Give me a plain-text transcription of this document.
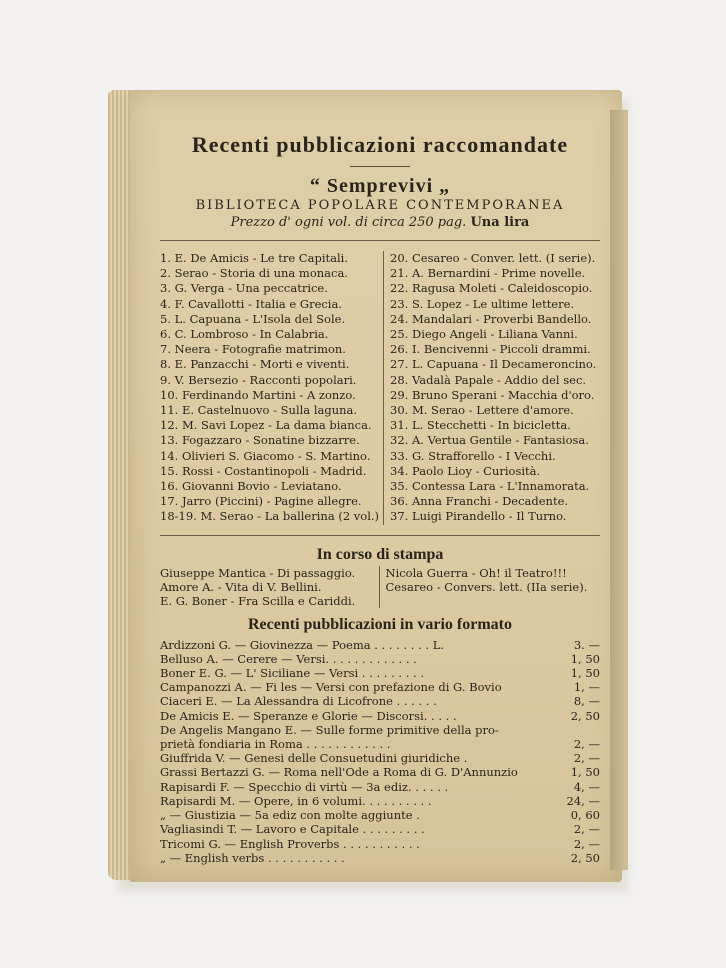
Recenti pubblicazioni raccomandate
“ Semprevivi „
BIBLIOTECA POPOLARE CONTEMPORANEA
Prezzo d' ogni vol. di circa 250 pag. Una lira
1. E. De Amicis - Le tre Capitali.
2. Serao - Storia di una monaca.
3. G. Verga - Una peccatrice.
4. F. Cavallotti - Italia e Grecia.
5. L. Capuana - L'Isola del Sole.
6. C. Lombroso - In Calabria.
7. Neera - Fotografie matrimon.
8. E. Panzacchi - Morti e viventi.
9. V. Bersezio - Racconti popolari.
10. Ferdinando Martini - A zonzo.
11. E. Castelnuovo - Sulla laguna.
12. M. Savi Lopez - La dama bianca.
13. Fogazzaro - Sonatine bizzarre.
14. Olivieri S. Giacomo - S. Martino.
15. Rossi - Costantinopoli - Madrid.
16. Giovanni Bovio - Leviatano.
17. Jarro (Piccini) - Pagine allegre.
18-19. M. Serao - La ballerina (2 vol.)
20. Cesareo - Conver. lett. (I serie).
21. A. Bernardini - Prime novelle.
22. Ragusa Moleti - Caleidoscopio.
23. S. Lopez - Le ultime lettere.
24. Mandalari - Proverbi Bandello.
25. Diego Angeli - Liliana Vanni.
26. I. Bencivenni - Piccoli drammi.
27. L. Capuana - Il Decameroncino.
28. Vadalà Papale - Addio del sec.
29. Bruno Sperani - Macchia d'oro.
30. M. Serao - Lettere d'amore.
31. L. Stecchetti - In bicicletta.
32. A. Vertua Gentile - Fantasiosa.
33. G. Strafforello - I Vecchi.
34. Paolo Lioy - Curiosità.
35. Contessa Lara - L'Innamorata.
36. Anna Franchi - Decadente.
37. Luigi Pirandello - Il Turno.
In corso di stampa
Giuseppe Mantica - Di passaggio.
Amore A. - Vita di V. Bellini.
E. G. Boner - Fra Scilla e Cariddi.
Nicola Guerra - Oh! il Teatro!!!
Cesareo - Convers. lett. (IIa serie).
Recenti pubblicazioni in vario formato
Ardizzoni G. — Giovinezza — Poema . . . . . . . . L.	3. —
Belluso A. — Cerere — Versi. . . . . . . . . . . . .	1, 50
Boner E. G. — L' Siciliane — Versi . . . . . . . . .	1, 50
Campanozzi A. — Fi les — Versi con prefazione di G. Bovio	1, —
Ciaceri E. — La Alessandra di Licofrone . . . . . .	8, —
De Amicis E. — Speranze e Glorie — Discorsi. . . . .	2, 50
De Angelis Mangano E. — Sulle forme primitive della pro-
prietà fondiaria in Roma . . . . . . . . . . . .	2, —
Giuffrida V. — Genesi delle Consuetudini giuridiche .	2, —
Grassi Bertazzi G. — Roma nell'Ode a Roma di G. D'Annunzio	1, 50
Rapisardi F. — Specchio di virtù — 3a ediz. . . . . .	4, —
Rapisardi M. — Opere, in 6 volumi. . . . . . . . . .	24, —
„ — Giustizia — 5a ediz con molte aggiunte .	0, 60
Vagliasindi T. — Lavoro e Capitale . . . . . . . . .	2, —
Tricomi G. — English Proverbs . . . . . . . . . . .	2, —
„ — English verbs . . . . . . . . . . .	2, 50
